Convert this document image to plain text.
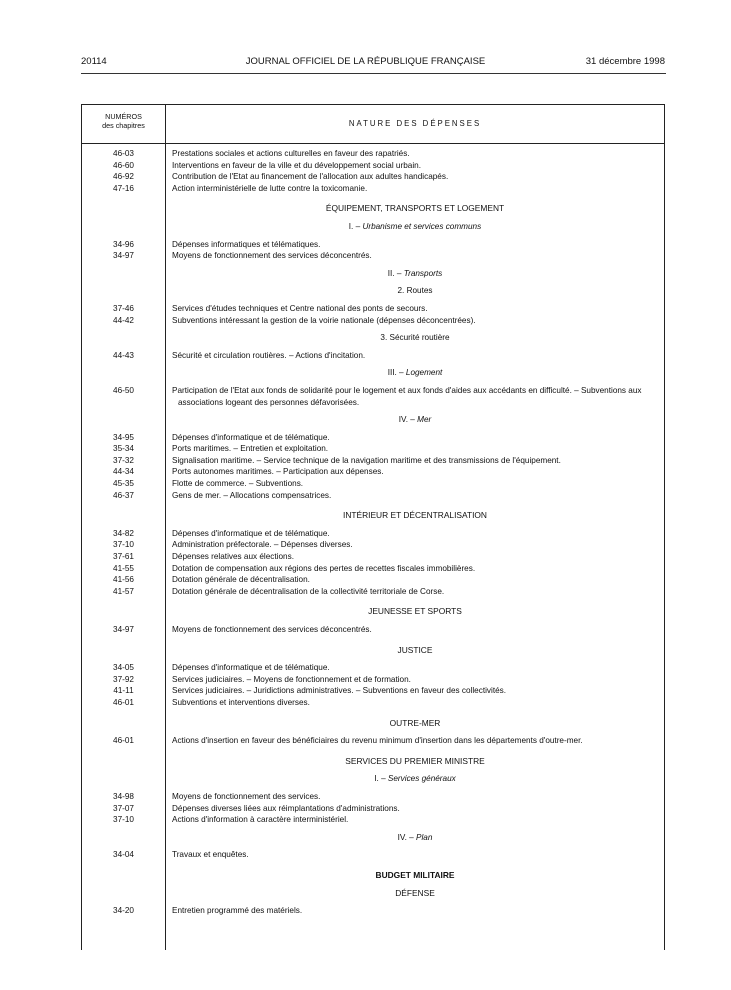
20114	JOURNAL OFFICIEL DE LA RÉPUBLIQUE FRANÇAISE	31 décembre 1998
NUMÉROS
des chapitres	NATURE DES DÉPENSES
46-03	Prestations sociales et actions culturelles en faveur des rapatriés.
46-60	Interventions en faveur de la ville et du développement social urbain.
46-92	Contribution de l'Etat au financement de l'allocation aux adultes handicapés.
47-16	Action interministérielle de lutte contre la toxicomanie.
ÉQUIPEMENT, TRANSPORTS ET LOGEMENT
I. – Urbanisme et services communs
34-96	Dépenses informatiques et télématiques.
34-97	Moyens de fonctionnement des services déconcentrés.
II. – Transports
2. Routes
37-46	Services d'études techniques et Centre national des ponts de secours.
44-42	Subventions intéressant la gestion de la voirie nationale (dépenses déconcentrées).
3. Sécurité routière
44-43	Sécurité et circulation routières. – Actions d'incitation.
III. – Logement
46-50	Participation de l'Etat aux fonds de solidarité pour le logement et aux fonds d'aides aux accédants en difficulté. – Subventions aux associations logeant des personnes défavorisées.
IV. – Mer
34-95	Dépenses d'informatique et de télématique.
35-34	Ports maritimes. – Entretien et exploitation.
37-32	Signalisation maritime. – Service technique de la navigation maritime et des transmissions de l'équipement.
44-34	Ports autonomes maritimes. – Participation aux dépenses.
45-35	Flotte de commerce. – Subventions.
46-37	Gens de mer. – Allocations compensatrices.
INTÉRIEUR ET DÉCENTRALISATION
34-82	Dépenses d'informatique et de télématique.
37-10	Administration préfectorale. – Dépenses diverses.
37-61	Dépenses relatives aux élections.
41-55	Dotation de compensation aux régions des pertes de recettes fiscales immobilières.
41-56	Dotation générale de décentralisation.
41-57	Dotation générale de décentralisation de la collectivité territoriale de Corse.
JEUNESSE ET SPORTS
34-97	Moyens de fonctionnement des services déconcentrés.
JUSTICE
34-05	Dépenses d'informatique et de télématique.
37-92	Services judiciaires. – Moyens de fonctionnement et de formation.
41-11	Services judiciaires. – Juridictions administratives. – Subventions en faveur des collectivités.
46-01	Subventions et interventions diverses.
OUTRE-MER
46-01	Actions d'insertion en faveur des bénéficiaires du revenu minimum d'insertion dans les départements d'outre-mer.
SERVICES DU PREMIER MINISTRE
I. – Services généraux
34-98	Moyens de fonctionnement des services.
37-07	Dépenses diverses liées aux réimplantations d'administrations.
37-10	Actions d'information à caractère interministériel.
IV. – Plan
34-04	Travaux et enquêtes.
BUDGET MILITAIRE
DÉFENSE
34-20	Entretien programmé des matériels.
